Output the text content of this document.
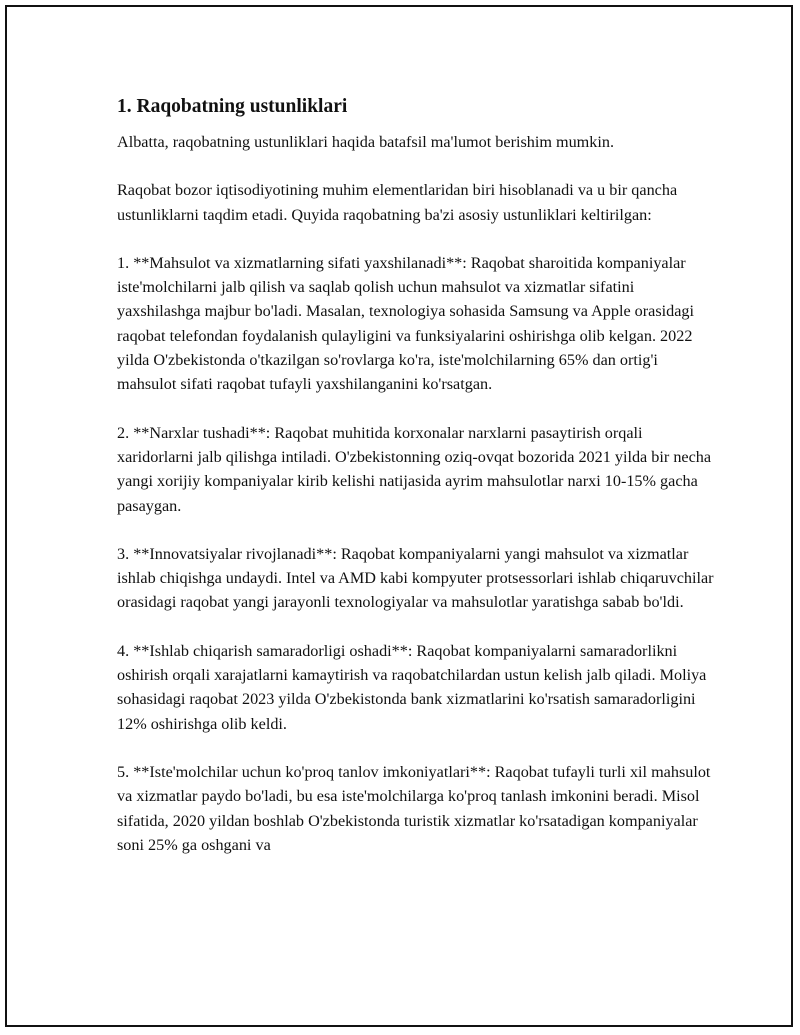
1. Raqobatning ustunliklari

Albatta, raqobatning ustunliklari haqida batafsil ma'lumot berishim mumkin.

Raqobat bozor iqtisodiyotining muhim elementlaridan biri hisoblanadi va u bir qancha ustunliklarni taqdim etadi. Quyida raqobatning ba'zi asosiy ustunliklari keltirilgan:

1. **Mahsulot va xizmatlarning sifati yaxshilanadi**: Raqobat sharoitida kompaniyalar iste'molchilarni jalb qilish va saqlab qolish uchun mahsulot va xizmatlar sifatini yaxshilashga majbur bo'ladi. Masalan, texnologiya sohasida Samsung va Apple orasidagi raqobat telefondan foydalanish qulayligini va funksiyalarini oshirishga olib kelgan. 2022 yilda O'zbekistonda o'tkazilgan so'rovlarga ko'ra, iste'molchilarning 65% dan ortig'i mahsulot sifati raqobat tufayli yaxshilanganini ko'rsatgan.

2. **Narxlar tushadi**: Raqobat muhitida korxonalar narxlarni pasaytirish orqali xaridorlarni jalb qilishga intiladi. O'zbekistonning oziq-ovqat bozorida 2021 yilda bir necha yangi xorijiy kompaniyalar kirib kelishi natijasida ayrim mahsulotlar narxi 10-15% gacha pasaygan.

3. **Innovatsiyalar rivojlanadi**: Raqobat kompaniyalarni yangi mahsulot va xizmatlar ishlab chiqishga undaydi. Intel va AMD kabi kompyuter protsessorlari ishlab chiqaruvchilar orasidagi raqobat yangi jarayonli texnologiyalar va mahsulotlar yaratishga sabab bo'ldi.

4. **Ishlab chiqarish samaradorligi oshadi**: Raqobat kompaniyalarni samaradorlikni oshirish orqali xarajatlarni kamaytirish va raqobatchilardan ustun kelish jalb qiladi. Moliya sohasidagi raqobat 2023 yilda O'zbekistonda bank xizmatlarini ko'rsatish samaradorligini 12% oshirishga olib keldi.

5. **Iste'molchilar uchun ko'proq tanlov imkoniyatlari**: Raqobat tufayli turli xil mahsulot va xizmatlar paydo bo'ladi, bu esa iste'molchilarga ko'proq tanlash imkonini beradi. Misol sifatida, 2020 yildan boshlab O'zbekistonda turistik xizmatlar ko'rsatadigan kompaniyalar soni 25% ga oshgani va
